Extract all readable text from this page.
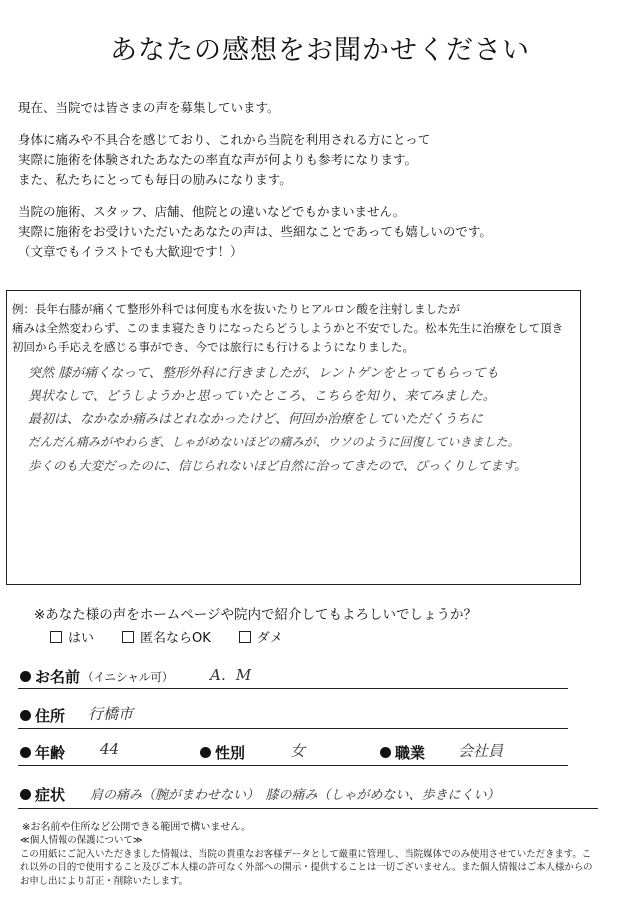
あなたの感想をお聞かせください

現在、当院では皆さまの声を募集しています。

身体に痛みや不具合を感じており、これから当院を利用される方にとって

実際に施術を体験されたあなたの率直な声が何よりも参考になります。

また、私たちにとっても毎日の励みになります。

当院の施術、スタッフ、店舗、他院との違いなどでもかまいません。

実際に施術をお受けいただいたあなたの声は、些細なことであっても嬉しいのです。

（文章でもイラストでも大歓迎です！）

例：長年右膝が痛くて整形外科では何度も水を抜いたりヒアルロン酸を注射しましたが

痛みは全然変わらず、このまま寝たきりになったらどうしようかと不安でした。松本先生に治療をして頂き

初回から手応えを感じる事ができ、今では旅行にも行けるようになりました。

突然 膝が痛くなって、整形外科に行きましたが、レントゲンをとってもらっても

異状なしで、どうしようかと思っていたところ、こちらを知り、来てみました。

最初は、なかなか痛みはとれなかったけど、何回か治療をしていただくうちに

だんだん痛みがやわらぎ、しゃがめないほどの痛みが、ウソのように回復していきました。

歩くのも大変だったのに、信じられないほど自然に治ってきたので、びっくりしてます。

※あなた様の声をホームページや院内で紹介してもよろしいでしょうか？
はい	匿名ならOK	ダメ
お名前 （イニシャル可） A．M
住所 行橋市
年齢 44	性別	女	職業 会社員
症状 肩の痛み（腕がまわせない）　膝の痛み（しゃがめない、歩きにくい）
※お名前や住所など公開できる範囲で構いません。

≪個人情報の保護について≫

この用紙にご記入いただきました情報は、当院の貴重なお客様データとして厳重に管理し、当院媒体でのみ使用させていただきます。こ

れ以外の目的で使用すること及びご本人様の許可なく外部への開示・提供することは一切ございません。また個人情報はご本人様からの

お申し出により訂正・削除いたします。
